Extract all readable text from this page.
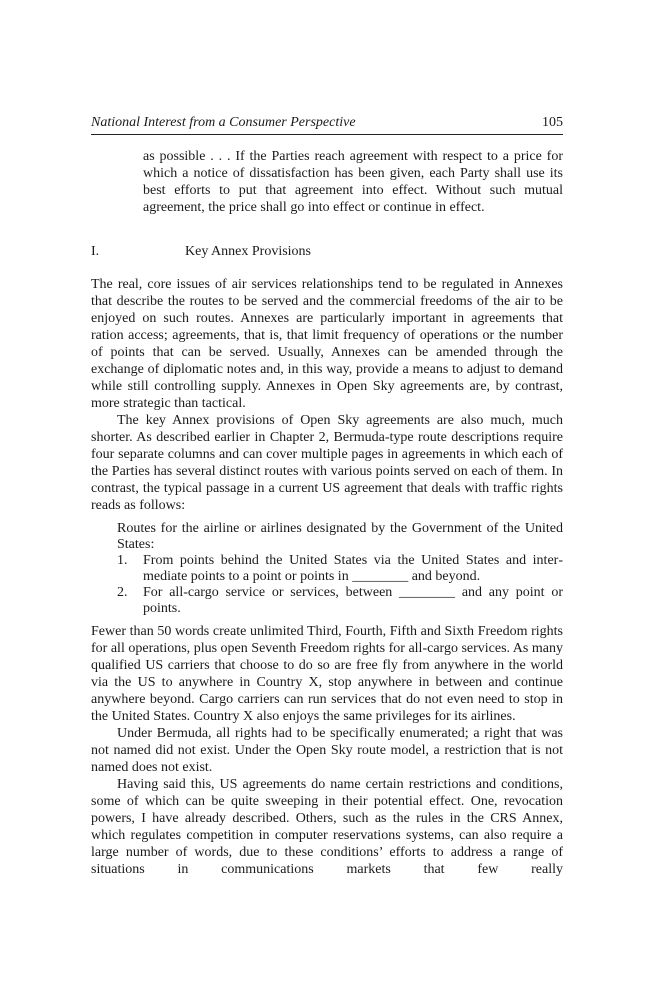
National Interest from a Consumer Perspective	105
as possible . . . If the Parties reach agreement with respect to a price for which a notice of dissatisfaction has been given, each Party shall use its best efforts to put that agreement into effect. Without such mutual agreement, the price shall go into effect or continue in effect.
I.	Key Annex Provisions

The real, core issues of air services relationships tend to be regulated in Annexes that describe the routes to be served and the commercial freedoms of the air to be enjoyed on such routes. Annexes are particularly important in agreements that ration access; agreements, that is, that limit frequency of operations or the number of points that can be served. Usually, Annexes can be amended through the exchange of diplomatic notes and, in this way, provide a means to adjust to demand while still controlling supply. Annexes in Open Sky agreements are, by contrast, more strategic than tactical.

The key Annex provisions of Open Sky agreements are also much, much shorter. As described earlier in Chapter 2, Bermuda-type route descriptions require four separate columns and can cover multiple pages in agreements in which each of the Parties has several distinct routes with various points served on each of them. In contrast, the typical passage in a current US agreement that deals with traffic rights reads as follows:

Routes for the airline or airlines designated by the Government of the United States:
1.	From points behind the United States via the United States and intermediate points to a point or points in ________ and beyond.
2.	For all-cargo service or services, between ________ and any point or points.

Fewer than 50 words create unlimited Third, Fourth, Fifth and Sixth Freedom rights for all operations, plus open Seventh Freedom rights for all-cargo services. As many qualified US carriers that choose to do so are free fly from anywhere in the world via the US to anywhere in Country X, stop anywhere in between and continue anywhere beyond. Cargo carriers can run services that do not even need to stop in the United States. Country X also enjoys the same privileges for its airlines.

Under Bermuda, all rights had to be specifically enumerated; a right that was not named did not exist. Under the Open Sky route model, a restriction that is not named does not exist.

Having said this, US agreements do name certain restrictions and conditions, some of which can be quite sweeping in their potential effect. One, revocation powers, I have already described. Others, such as the rules in the CRS Annex, which regulates competition in computer reservations systems, can also require a large number of words, due to these conditions’ efforts to address a range of situations in communications markets that few really
